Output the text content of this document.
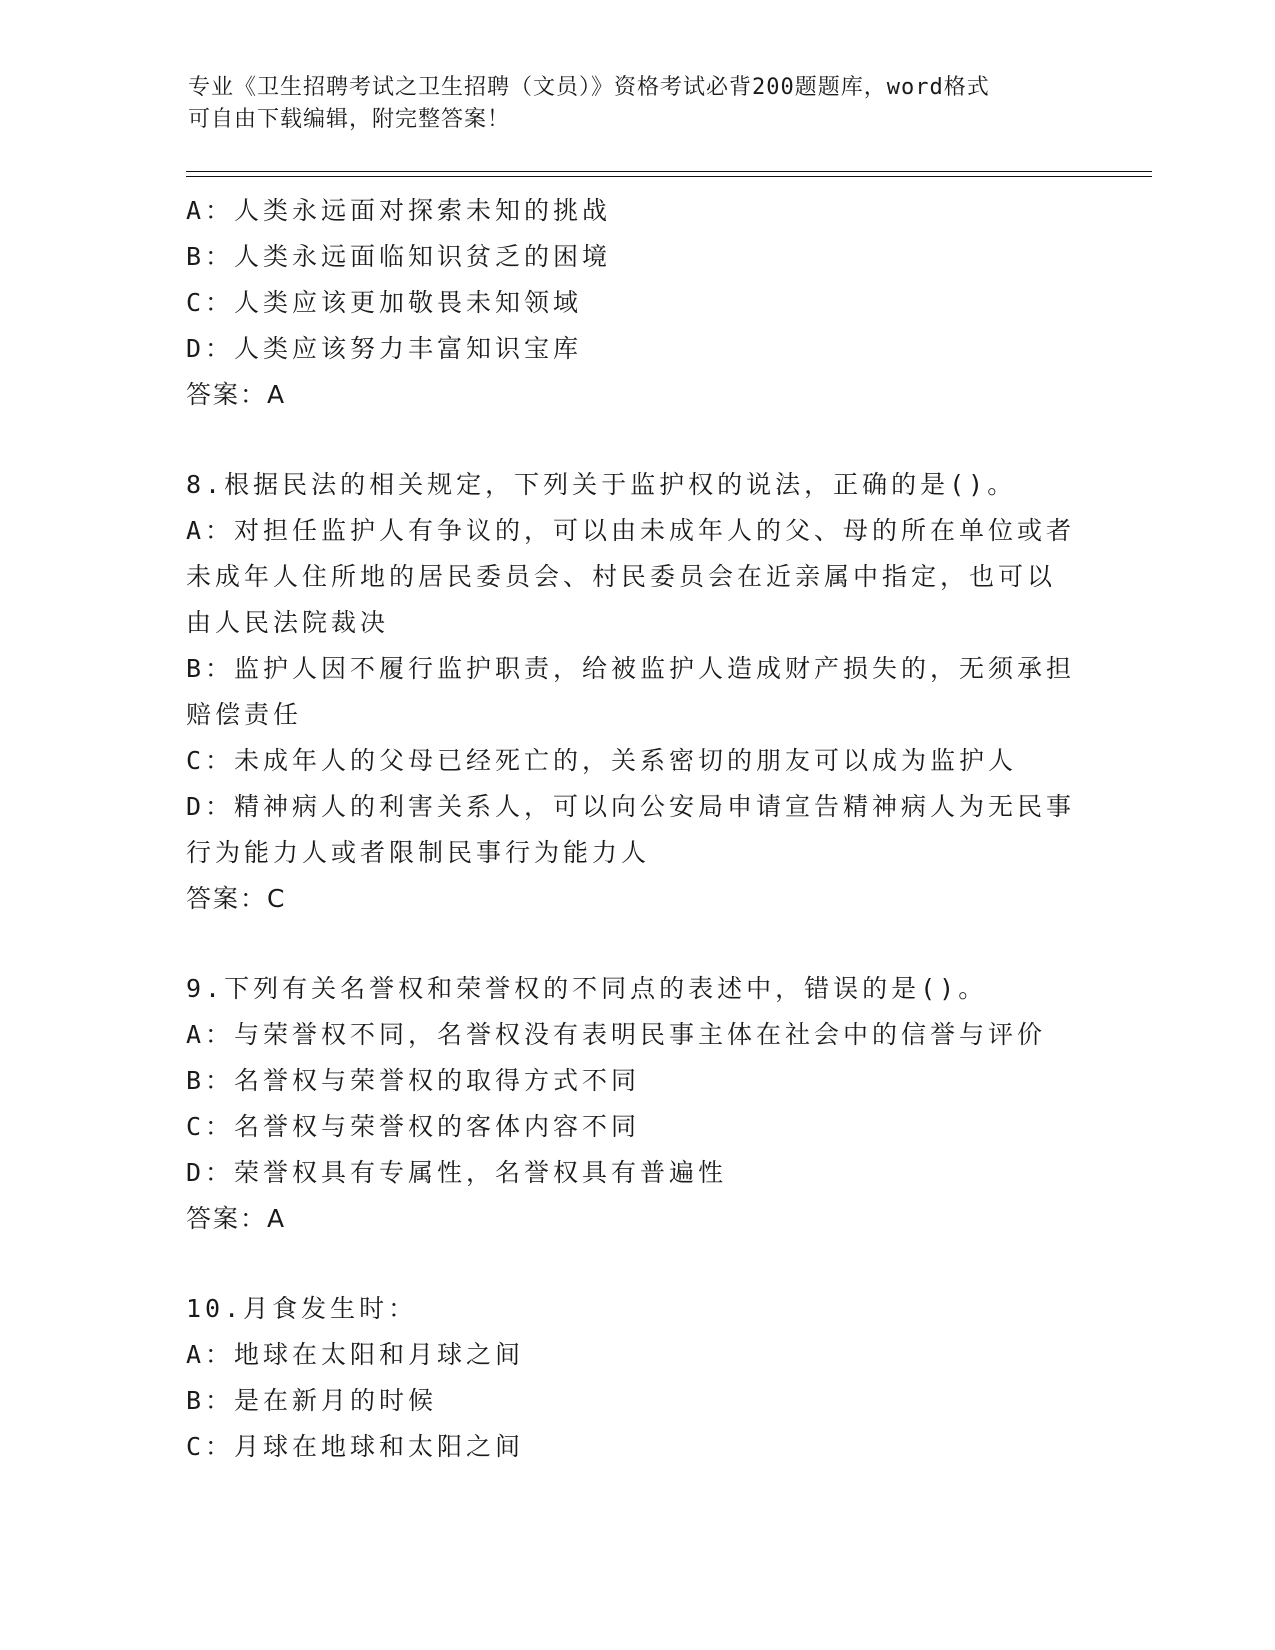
专业《卫生招聘考试之卫生招聘（文员）》资格考试必背200题题库，word格式
可自由下载编辑，附完整答案！
A：人类永远面对探索未知的挑战
B：人类永远面临知识贫乏的困境
C：人类应该更加敬畏未知领域
D：人类应该努力丰富知识宝库
答案：A
8.根据民法的相关规定，下列关于监护权的说法，正确的是()。
A：对担任监护人有争议的，可以由未成年人的父、母的所在单位或者
未成年人住所地的居民委员会、村民委员会在近亲属中指定，也可以
由人民法院裁决
B：监护人因不履行监护职责，给被监护人造成财产损失的，无须承担
赔偿责任
C：未成年人的父母已经死亡的，关系密切的朋友可以成为监护人
D：精神病人的利害关系人，可以向公安局申请宣告精神病人为无民事
行为能力人或者限制民事行为能力人
答案：C
9.下列有关名誉权和荣誉权的不同点的表述中，错误的是()。
A：与荣誉权不同，名誉权没有表明民事主体在社会中的信誉与评价
B：名誉权与荣誉权的取得方式不同
C：名誉权与荣誉权的客体内容不同
D：荣誉权具有专属性，名誉权具有普遍性
答案：A
10.月食发生时：
A：地球在太阳和月球之间
B：是在新月的时候
C：月球在地球和太阳之间
